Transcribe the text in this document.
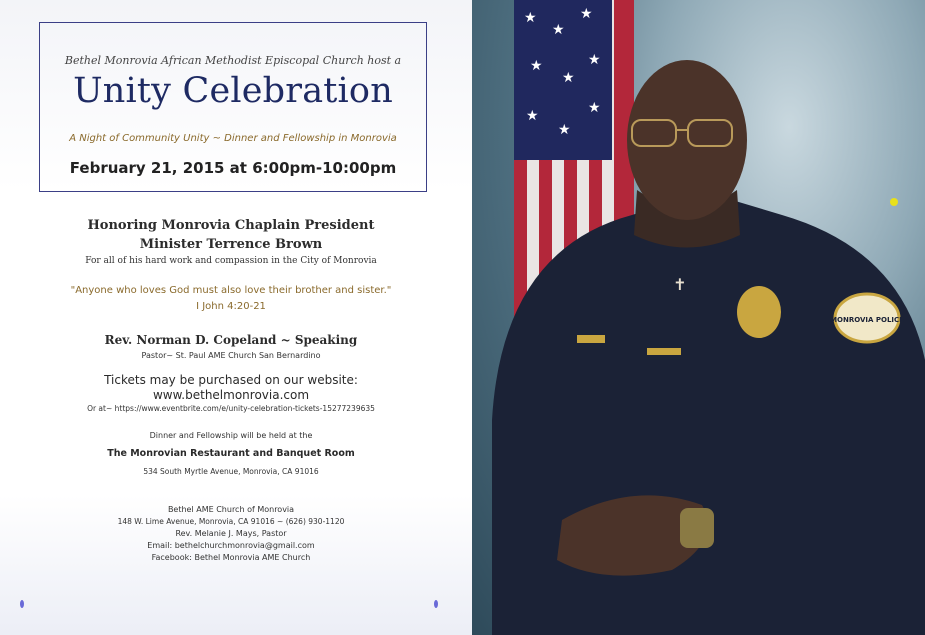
Bethel Monrovia African Methodist Episcopal Church host a
Unity Celebration
A Night of Community Unity ~ Dinner and Fellowship in Monrovia
February 21, 2015 at 6:00pm-10:00pm
Honoring Monrovia Chaplain President
Minister Terrence Brown
For all of his hard work and compassion in the City of Monrovia
"Anyone who loves God must also love their brother and sister."
I John 4:20-21
Rev. Norman D. Copeland ~ Speaking
Pastor~ St. Paul AME Church San Bernardino
Tickets may be purchased on our website:
www.bethelmonrovia.com
Or at~ https://www.eventbrite.com/e/unity-celebration-tickets-15277239635
Dinner and Fellowship will be held at the
The Monrovian Restaurant and Banquet Room
534 South Myrtle Avenue, Monrovia, CA 91016
Bethel AME Church of Monrovia
148 W. Lime Avenue, Monrovia, CA 91016 ~ (626) 930-1120
Rev. Melanie J. Mays, Pastor
Email: bethelchurchmonrovia@gmail.com
Facebook: Bethel Monrovia AME Church
★
★
★
★
★
★
★
★
★
MONROVIA POLICE
✝
